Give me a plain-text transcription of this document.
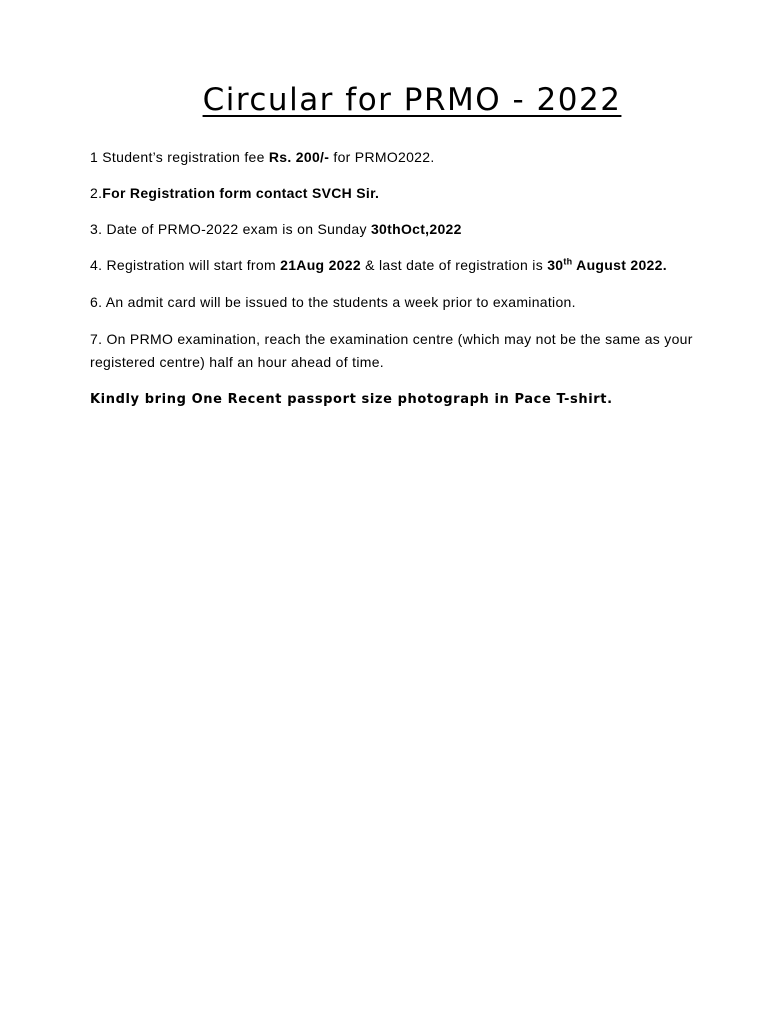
Circular for PRMO - 2022
1 Student’s registration fee Rs. 200/- for PRMO2022.
2.For Registration form contact SVCH Sir.
3. Date of PRMO-2022 exam is on Sunday 30thOct,2022
4. Registration will start from 21Aug 2022 & last date of registration is 30th August 2022.
6. An admit card will be issued to the students a week prior to examination.
7. On PRMO examination, reach the examination centre (which may not be the same as your
registered centre) half an hour ahead of time.
Kindly bring One Recent passport size photograph in Pace T-shirt.
